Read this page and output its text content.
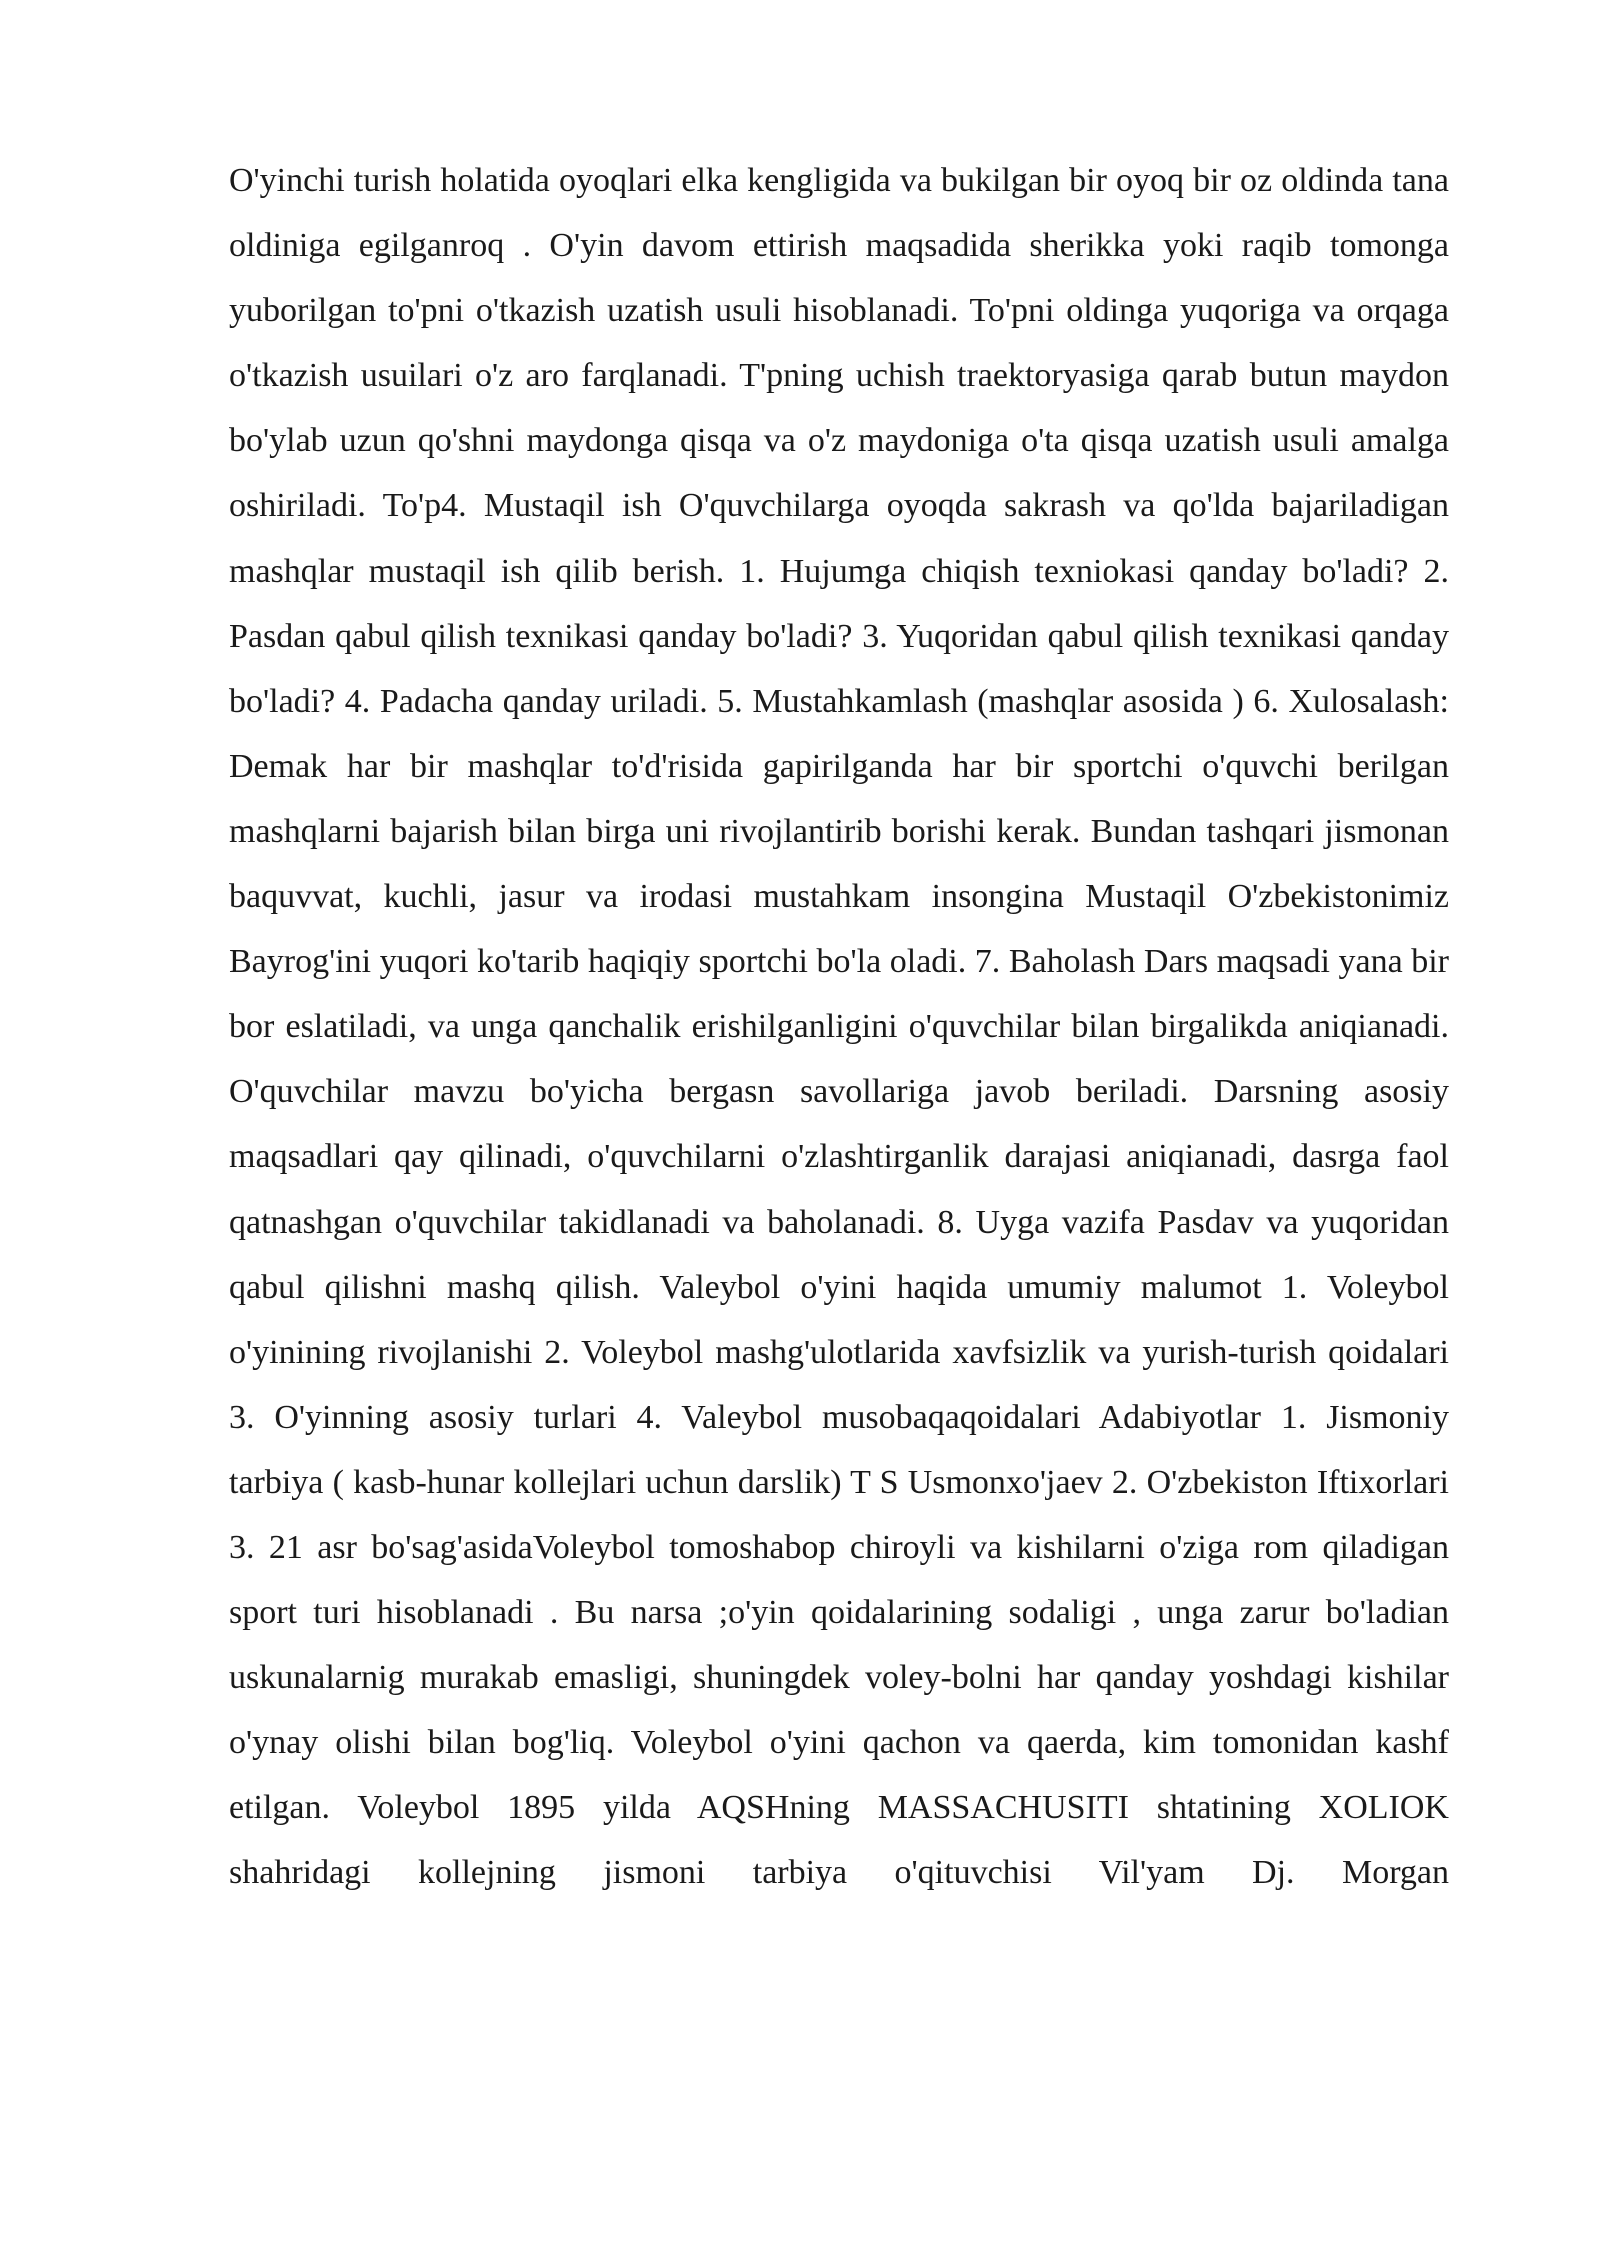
O'yinchi turish holatida oyoqlari elka kengligida va bukilgan bir oyoq bir oz oldinda tana oldiniga egilganroq . O'yin davom ettirish maqsadida sherikka yoki raqib tomonga yuborilgan to'pni o'tkazish uzatish usuli hisoblanadi. To'pni oldinga yuqoriga va orqaga o'tkazish usuilari o'z aro farqlanadi. T'pning uchish traektoryasiga qarab butun maydon bo'ylab uzun qo'shni maydonga qisqa va o'z maydoniga o'ta qisqa uzatish usuli amalga oshiriladi. To'p4. Mustaqil ish O'quvchilarga oyoqda sakrash va qo'lda bajariladigan mashqlar mustaqil ish qilib berish. 1. Hujumga chiqish texniokasi qanday bo'ladi? 2. Pasdan qabul qilish texnikasi qanday bo'ladi? 3. Yuqoridan qabul qilish texnikasi qanday bo'ladi? 4. Padacha qanday uriladi. 5. Mustahkamlash (mashqlar asosida ) 6. Xulosalash: Demak har bir mashqlar to'd'risida gapirilganda har bir sportchi o'quvchi berilgan mashqlarni bajarish bilan birga uni rivojlantirib borishi kerak. Bundan tashqari jismonan baquvvat, kuchli, jasur va irodasi mustahkam insongina Mustaqil O'zbekistonimiz Bayrog'ini yuqori ko'tarib haqiqiy sportchi bo'la oladi. 7. Baholash Dars maqsadi yana bir bor eslatiladi, va unga qanchalik erishilganligini o'quvchilar bilan birgalikda aniqianadi. O'quvchilar mavzu bo'yicha bergasn savollariga javob beriladi. Darsning asosiy maqsadlari qay qilinadi, o'quvchilarni o'zlashtirganlik darajasi aniqianadi, dasrga faol qatnashgan o'quvchilar takidlanadi va baholanadi. 8. Uyga vazifa Pasdav va yuqoridan qabul qilishni mashq qilish. Valeybol o'yini haqida umumiy malumot 1. Voleybol o'yinining rivojlanishi 2. Voleybol mashg'ulotlarida xavfsizlik va yurish-turish qoidalari 3. O'yinning asosiy turlari 4. Valeybol musobaqaqoidalari Adabiyotlar 1. Jismoniy tarbiya ( kasb-hunar kollejlari uchun darslik) T S Usmonxo'jaev 2. O'zbekiston Iftixorlari 3. 21 asr bo'sag'asidaVoleybol tomoshabop chiroyli va kishilarni o'ziga rom qiladigan sport turi hisoblanadi . Bu narsa ;o'yin qoidalarining sodaligi , unga zarur bo'ladian uskunalarnig murakab emasligi, shuningdek voley-bolni har qanday yoshdagi kishilar o'ynay olishi bilan bog'liq. Voleybol o'yini qachon va qaerda, kim tomonidan kashf etilgan. Voleybol 1895 yilda AQSHning MASSACHUSITI shtatining XOLIOK shahridagi kollejning jismoni tarbiya o'qituvchisi Vil'yam Dj. Morgan
